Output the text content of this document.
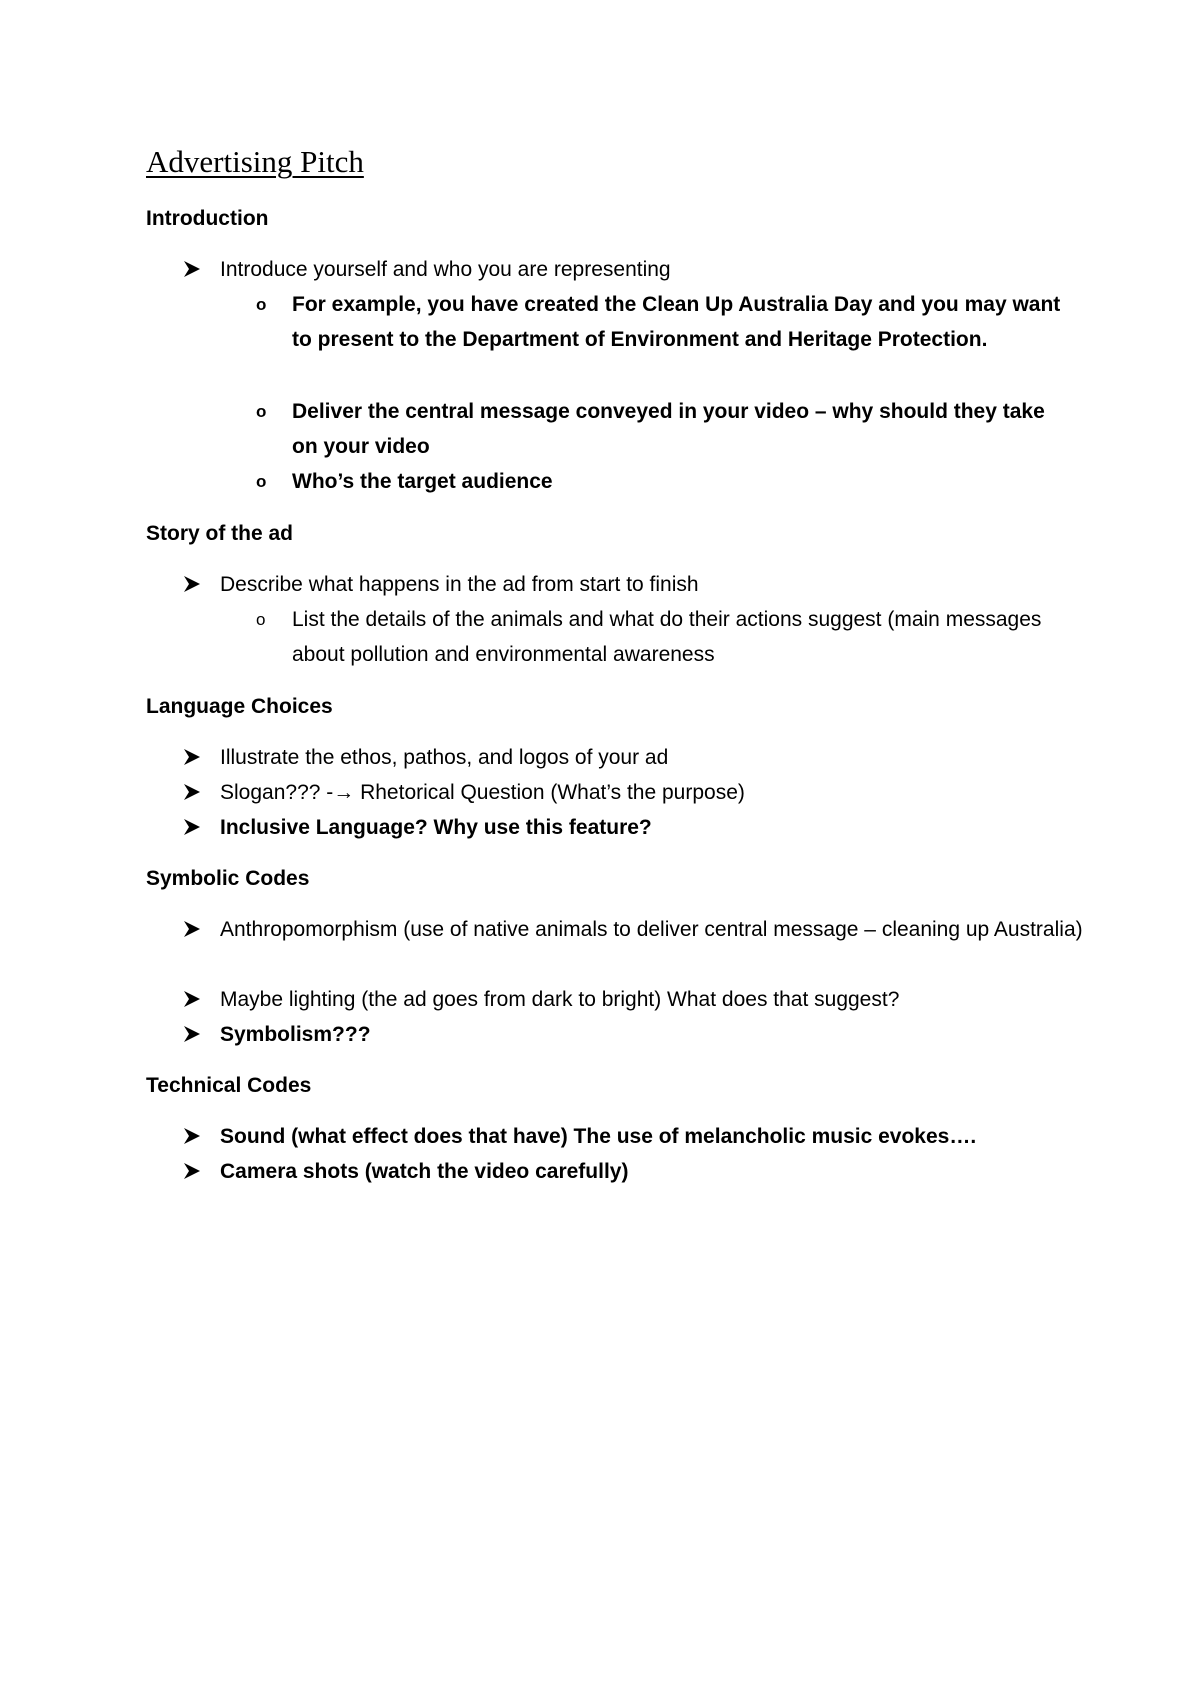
Advertising Pitch
Introduction
Introduce yourself and who you are representing
o	For example, you have created the Clean Up Australia Day and you may want to present to the Department of Environment and Heritage Protection.
o	Deliver the central message conveyed in your video – why should they take on your video
o	Who’s the target audience
Story of the ad
Describe what happens in the ad from start to finish
o	List the details of the animals and what do their actions suggest (main messages about pollution and environmental awareness
Language Choices
Illustrate the ethos, pathos, and logos of your ad
Slogan??? -→ Rhetorical Question (What’s the purpose)
Inclusive Language? Why use this feature?
Symbolic Codes
Anthropomorphism (use of native animals to deliver central message – cleaning up Australia)
Maybe lighting (the ad goes from dark to bright) What does that suggest?
Symbolism???
Technical Codes
Sound (what effect does that have) The use of melancholic music evokes….
Camera shots (watch the video carefully)
